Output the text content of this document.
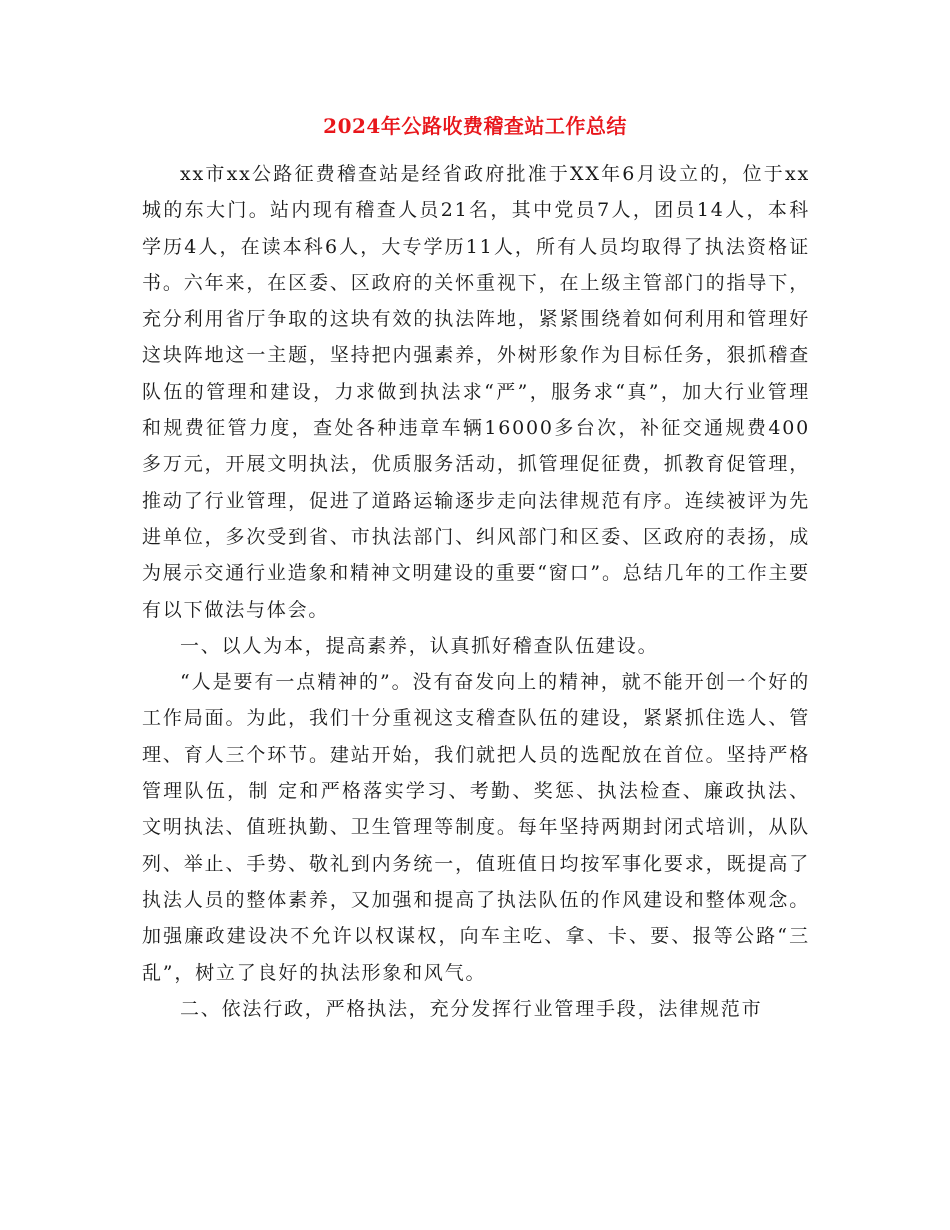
2024年公路收费稽查站工作总结

xx市xx公路征费稽查站是经省政府批准于XX年6月设立的，位于xx城的东大门。站内现有稽查人员21名，其中党员7人，团员14人，本科学历4人，在读本科6人，大专学历11人，所有人员均取得了执法资格证书。六年来，在区委、区政府的关怀重视下，在上级主管部门的指导下，充分利用省厅争取的这块有效的执法阵地，紧紧围绕着如何利用和管理好这块阵地这一主题，坚持把内强素养，外树形象作为目标任务，狠抓稽查队伍的管理和建设，力求做到执法求“严”，服务求“真”，加大行业管理和规费征管力度，查处各种违章车辆16000多台次，补征交通规费400多万元，开展文明执法，优质服务活动，抓管理促征费，抓教育促管理，推动了行业管理，促进了道路运输逐步走向法律规范有序。连续被评为先进单位，多次受到省、市执法部门、纠风部门和区委、区政府的表扬，成为展示交通行业造象和精神文明建设的重要“窗口”。总结几年的工作主要有以下做法与体会。

一、以人为本，提高素养，认真抓好稽查队伍建设。

“人是要有一点精神的”。没有奋发向上的精神，就不能开创一个好的工作局面。为此，我们十分重视这支稽查队伍的建设，紧紧抓住选人、管理、育人三个环节。建站开始，我们就把人员的选配放在首位。坚持严格管理队伍，制 定和严格落实学习、考勤、奖惩、执法检查、廉政执法、文明执法、值班执勤、卫生管理等制度。每年坚持两期封闭式培训，从队列、举止、手势、敬礼到内务统一，值班值日均按军事化要求，既提高了执法人员的整体素养，又加强和提高了执法队伍的作风建设和整体观念。加强廉政建设决不允许以权谋权，向车主吃、拿、卡、要、报等公路“三乱”，树立了良好的执法形象和风气。

二、依法行政，严格执法，充分发挥行业管理手段，法律规范市
